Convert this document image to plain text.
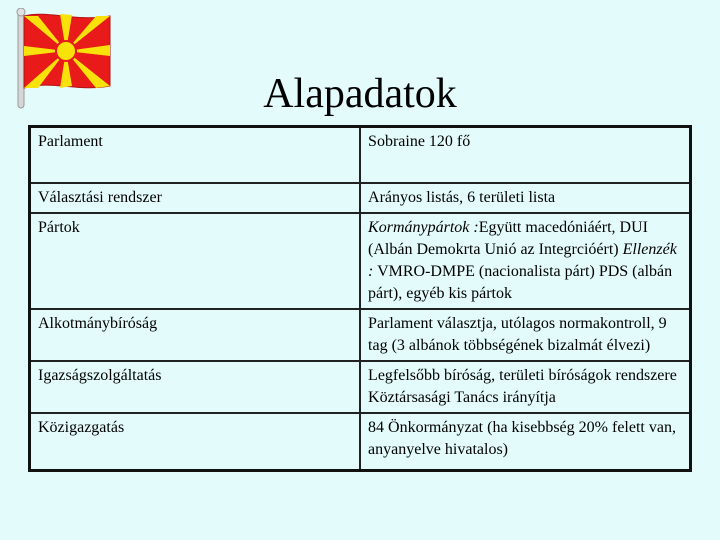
Alapadatok
Parlament	Sobraine 120 fő
Választási rendszer	Arányos listás, 6 területi lista
Pártok	Kormánypártok :Együtt macedóniáért, DUI (Albán Demokrta Unió az Integrcióért) Ellenzék : VMRO-DMPE (nacionalista párt) PDS (albán párt), egyéb kis pártok
Alkotmánybíróság	Parlament választja, utólagos normakontroll, 9 tag (3 albánok többségének bizalmát élvezi)
Igazságszolgáltatás	Legfelsőbb bíróság, területi bíróságok rendszere Köztársasági Tanács irányítja
Közigazgatás	84 Önkormányzat (ha kisebbség 20% felett van, anyanyelve hivatalos)
